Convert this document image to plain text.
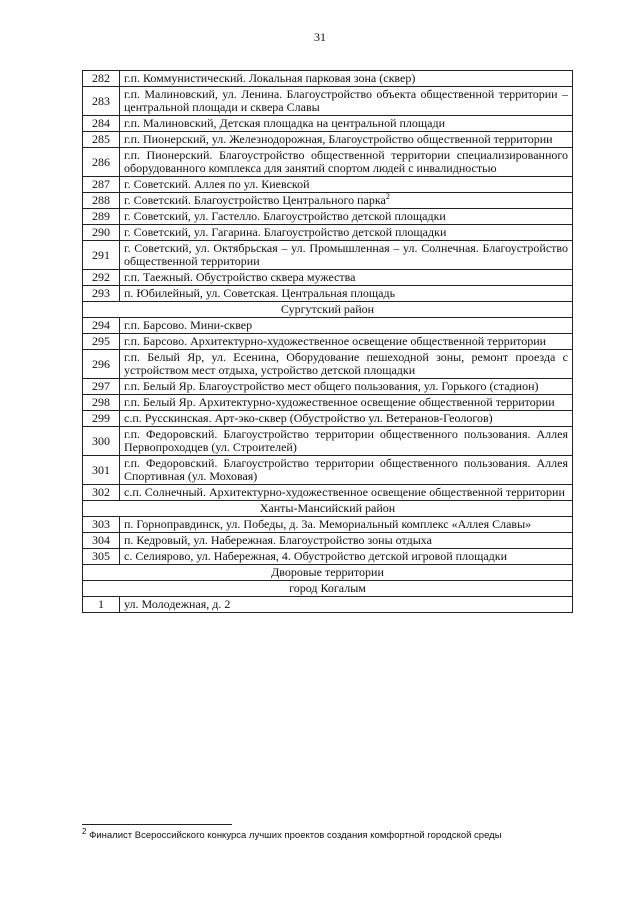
31
282	г.п. Коммунистический. Локальная парковая зона (сквер)
283	г.п. Малиновский, ул. Ленина. Благоустройство объекта общественной территории – центральной площади и сквера Славы
284	г.п. Малиновский, Детская площадка на центральной площади
285	г.п. Пионерский, ул. Железнодорожная, Благоустройство общественной территории
286	г.п. Пионерский. Благоустройство общественной территории специализированного оборудованного комплекса для занятий спортом людей с инвалидностью
287	г. Советский. Аллея по ул. Киевской
288	г. Советский. Благоустройство Центрального парка$^2$
289	г. Советский, ул. Гастелло. Благоустройство детской площадки
290	г. Советский, ул. Гагарина. Благоустройство детской площадки
291	г. Советский, ул. Октябрьская – ул. Промышленная – ул. Солнечная. Благоустройство общественной территории
292	г.п. Таежный. Обустройство сквера мужества
293	п. Юбилейный, ул. Советская. Центральная площадь
Сургутский район	
294	г.п. Барсово. Мини-сквер
295	г.п. Барсово. Архитектурно-художественное освещение общественной территории
296	г.п. Белый Яр, ул. Есенина, Оборудование пешеходной зоны, ремонт проезда с устройством мест отдыха, устройство детской площадки
297	г.п. Белый Яр. Благоустройство мест общего пользования, ул. Горького (стадион)
298	г.п. Белый Яр. Архитектурно-художественное освещение общественной территории
299	с.п. Русскинская. Арт-эко-сквер (Обустройство ул. Ветеранов-Геологов)
300	г.п. Федоровский. Благоустройство территории общественного пользования. Аллея Первопроходцев (ул. Строителей)
301	г.п. Федоровский. Благоустройство территории общественного пользования. Аллея Спортивная (ул. Моховая)
302	с.п. Солнечный. Архитектурно-художественное освещение общественной территории
Ханты-Мансийский район	
303	п. Горноправдинск, ул. Победы, д. 3а. Мемориальный комплекс «Аллея Славы»
304	п. Кедровый, ул. Набережная. Благоустройство зоны отдыха
305	с. Селиярово, ул. Набережная, 4. Обустройство детской игровой площадки
Дворовые территории	
город Когалым	
1	ул. Молодежная, д. 2
$^2$ Финалист Всероссийского конкурса лучших проектов создания комфортной городской среды
